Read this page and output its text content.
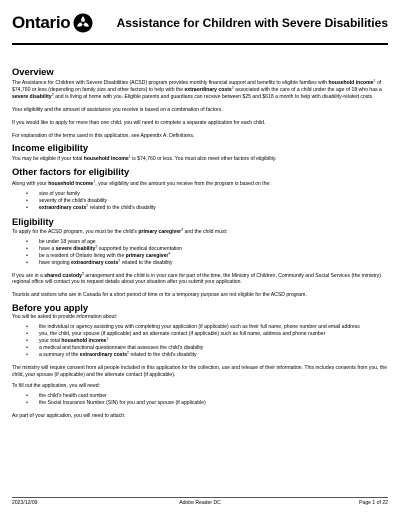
Ontario	Assistance for Children with Severe Disabilities
Overview

The Assistance for Children with Severe Disabilities (ACSD) program provides monthly financial support and benefits to eligible families with household income$^1$ of $74,760 or less (depending on family size and other factors) to help with the extraordinary costs$^2$ associated with the care of a child under the age of 18 who has a severe disability$^3$ and is living at home with you. Eligible parents and guardians can receive between $25 and $618 a month to help with disability-related costs.

Your eligibility and the amount of assistance you receive is based on a combination of factors.

If you would like to apply for more than one child, you will need to complete a separate application for each child.

For explanation of the terms used in this application, see Appendix A: Definitions.

Income eligibility

You may be eligible if your total household income$^1$ is $74,760 or less. You must also meet other factors of eligibility.

Other factors for eligibility

Along with your household income$^1$, your eligibility and the amount you receive from the program is based on the:

• size of your family
• severity of the child's disability
• extraordinary costs$^2$ related to the child's disability
Eligibility

To apply for the ACSD program, you must be the child's primary caregiver$^4$ and the child must:

• be under 18 years of age
• have a severe disability$^3$ supported by medical documentation
• be a resident of Ontario living with the primary caregiver$^4$
• have ongoing extraordinary costs$^2$ related to the disability

If you are in a shared custody$^5$ arrangement and the child is in your care for part of the time, the Ministry of Children, Community and Social Services (the ministry) regional office will contact you to request details about your situation after you submit your application.

Tourists and visitors who are in Canada for a short period of time or for a temporary purpose are not eligible for the ACSD program.

Before you apply

You will be asked to provide information about:

• the individual or agency assisting you with completing your application (if applicable) such as their full name, phone number and email address
• you, the child, your spouse (if applicable) and an alternate contact (if applicable) such as full name, address and phone number
• your total household income$^1$
• a medical and functional questionnaire that assesses the child's disability
• a summary of the extraordinary costs$^2$ related to the child's disability

The ministry will require consent from all people included in this application for the collection, use and release of their information. This includes consents from you, the child, your spouse (if applicable) and the alternate contact (if applicable).

To fill out the application, you will need:

• the child's health card number
• the Social Insurance Number (SIN) for you and your spouse (if applicable)

As part of your application, you will need to attach:

2023/12/09	Adobe Reader DC	Page 1 of 22
